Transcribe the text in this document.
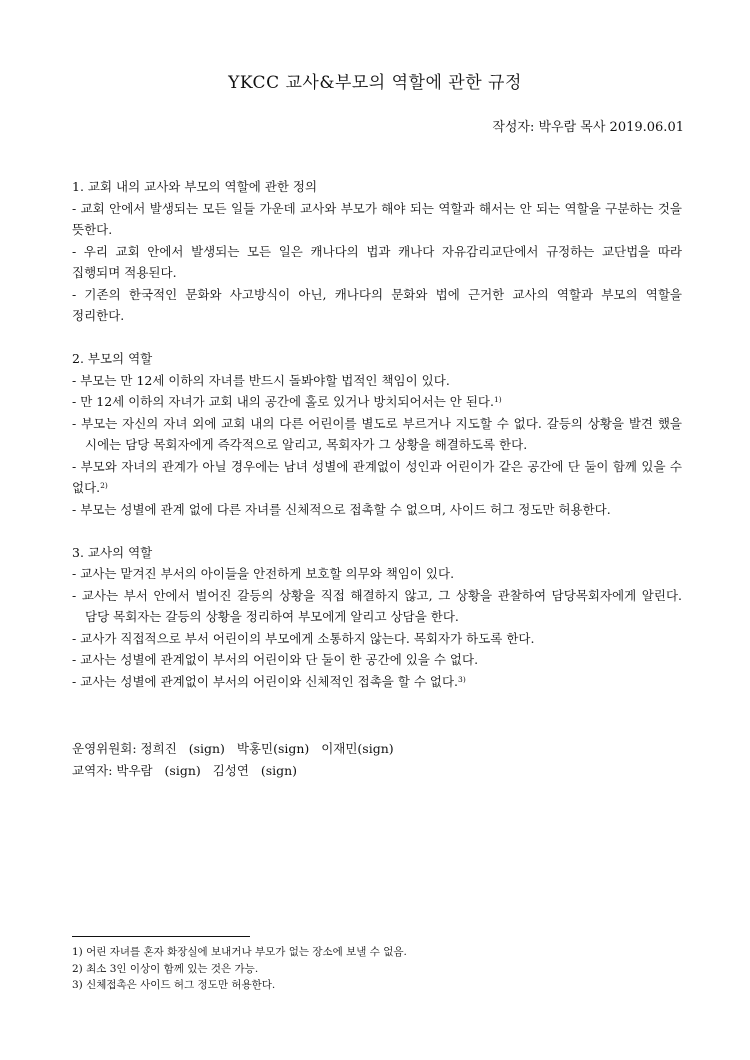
YKCC 교사&부모의 역할에 관한 규정
작성자: 박우람 목사 2019.06.01

1. 교회 내의 교사와 부모의 역할에 관한 정의

- 교회 안에서 발생되는 모든 일들 가운데 교사와 부모가 해야 되는 역할과 해서는 안 되는 역할을 구분하는 것을 뜻한다.

- 우리 교회 안에서 발생되는 모든 일은 캐나다의 법과 캐나다 자유감리교단에서 규정하는 교단법을 따라 집행되며 적용된다.

- 기존의 한국적인 문화와 사고방식이 아닌, 캐나다의 문화와 법에 근거한 교사의 역할과 부모의 역할을 정리한다.

2. 부모의 역할

- 부모는 만 12세 이하의 자녀를 반드시 돌봐야할 법적인 책임이 있다.

- 만 12세 이하의 자녀가 교회 내의 공간에 홀로 있거나 방치되어서는 안 된다.$^{1)}$

- 부모는 자신의 자녀 외에 교회 내의 다른 어린이를 별도로 부르거나 지도할 수 없다. 갈등의 상황을 발견 했을 시에는 담당 목회자에게 즉각적으로 알리고, 목회자가 그 상황을 해결하도록 한다.

- 부모와 자녀의 관계가 아닐 경우에는 남녀 성별에 관계없이 성인과 어린이가 같은 공간에 단 둘이 함께 있을 수 없다.$^{2)}$

- 부모는 성별에 관계 없에 다른 자녀를 신체적으로 접촉할 수 없으며, 사이드 허그 정도만 허용한다.

3. 교사의 역할

- 교사는 맡겨진 부서의 아이들을 안전하게 보호할 의무와 책임이 있다.

- 교사는 부서 안에서 벌어진 갈등의 상황을 직접 해결하지 않고, 그 상황을 관찰하여 담당목회자에게 알린다. 담당 목회자는 갈등의 상황을 정리하여 부모에게 알리고 상담을 한다.

- 교사가 직접적으로 부서 어린이의 부모에게 소통하지 않는다. 목회자가 하도록 한다.

- 교사는 성별에 관계없이 부서의 어린이와 단 둘이 한 공간에 있을 수 없다.

- 교사는 성별에 관계없이 부서의 어린이와 신체적인 접촉을 할 수 없다.$^{3)}$

운영위원회: 정희진   (sign)   박홍민(sign)   이재민(sign)

교역자: 박우람   (sign)   김성연   (sign)

1) 어린 자녀를 혼자 화장실에 보내거나 부모가 없는 장소에 보낼 수 없음.

2) 최소 3인 이상이 함께 있는 것은 가능.

3) 신체접촉은 사이드 허그 정도만 허용한다.
